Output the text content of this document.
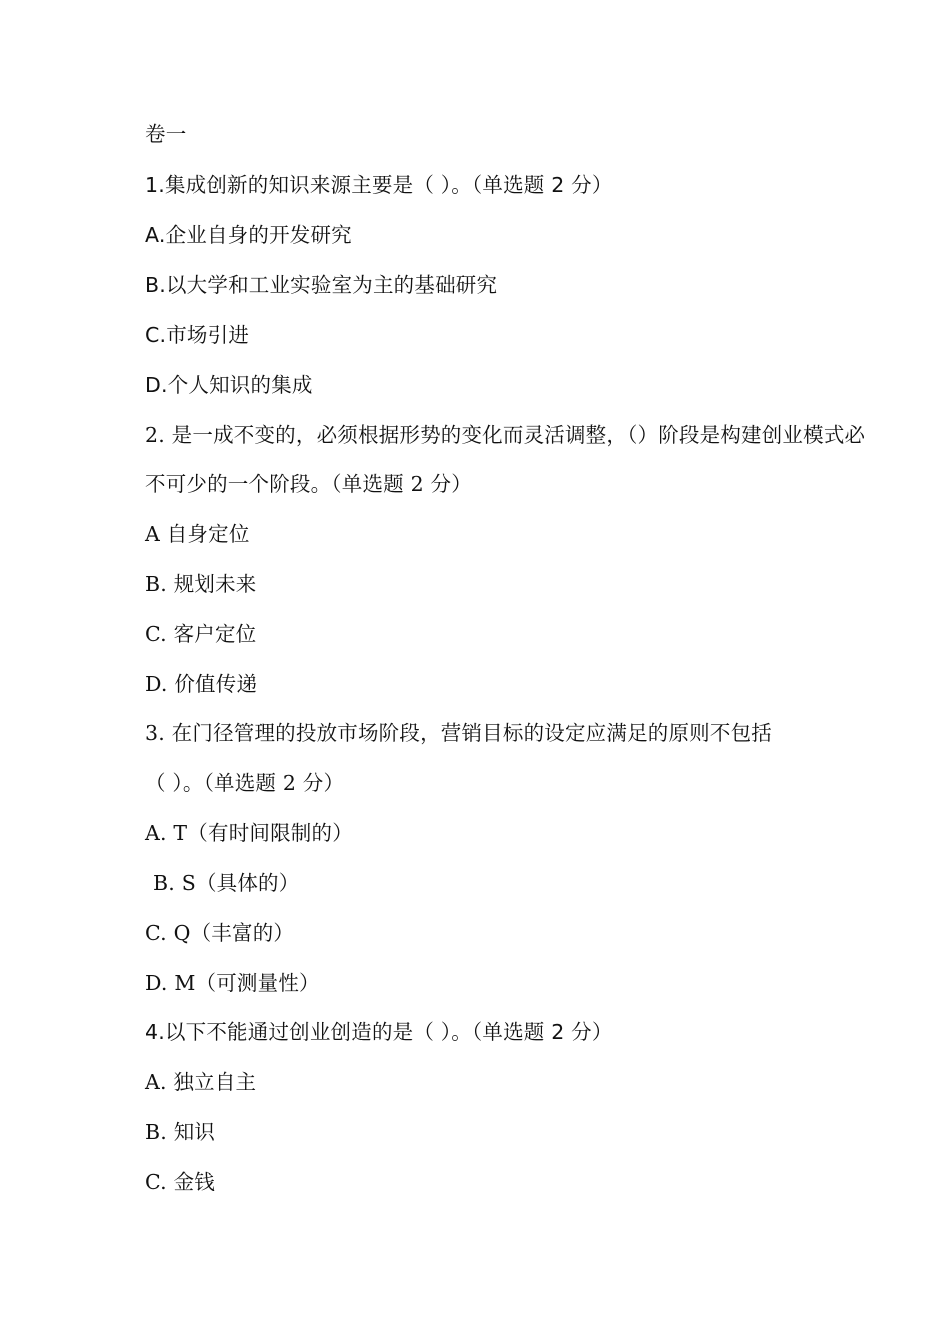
卷一
1.集成创新的知识来源主要是（ ）。（单选题 2 分）
A.企业自身的开发研究
B.以大学和工业实验室为主的基础研究
C.市场引进
D.个人知识的集成
2. 是一成不变的，必须根据形势的变化而灵活调整，（）阶段是构建创业模式必
不可少的一个阶段。（单选题 2 分）
A 自身定位
B. 规划未来
C. 客户定位
D. 价值传递
3. 在门径管理的投放市场阶段，营销目标的设定应满足的原则不包括
（ ）。（单选题 2 分）
A. T（有时间限制的）
B. S（具体的）
C. Q（丰富的）
D. M（可测量性）
4.以下不能通过创业创造的是（ ）。（单选题 2 分）
A. 独立自主
B. 知识
C. 金钱
